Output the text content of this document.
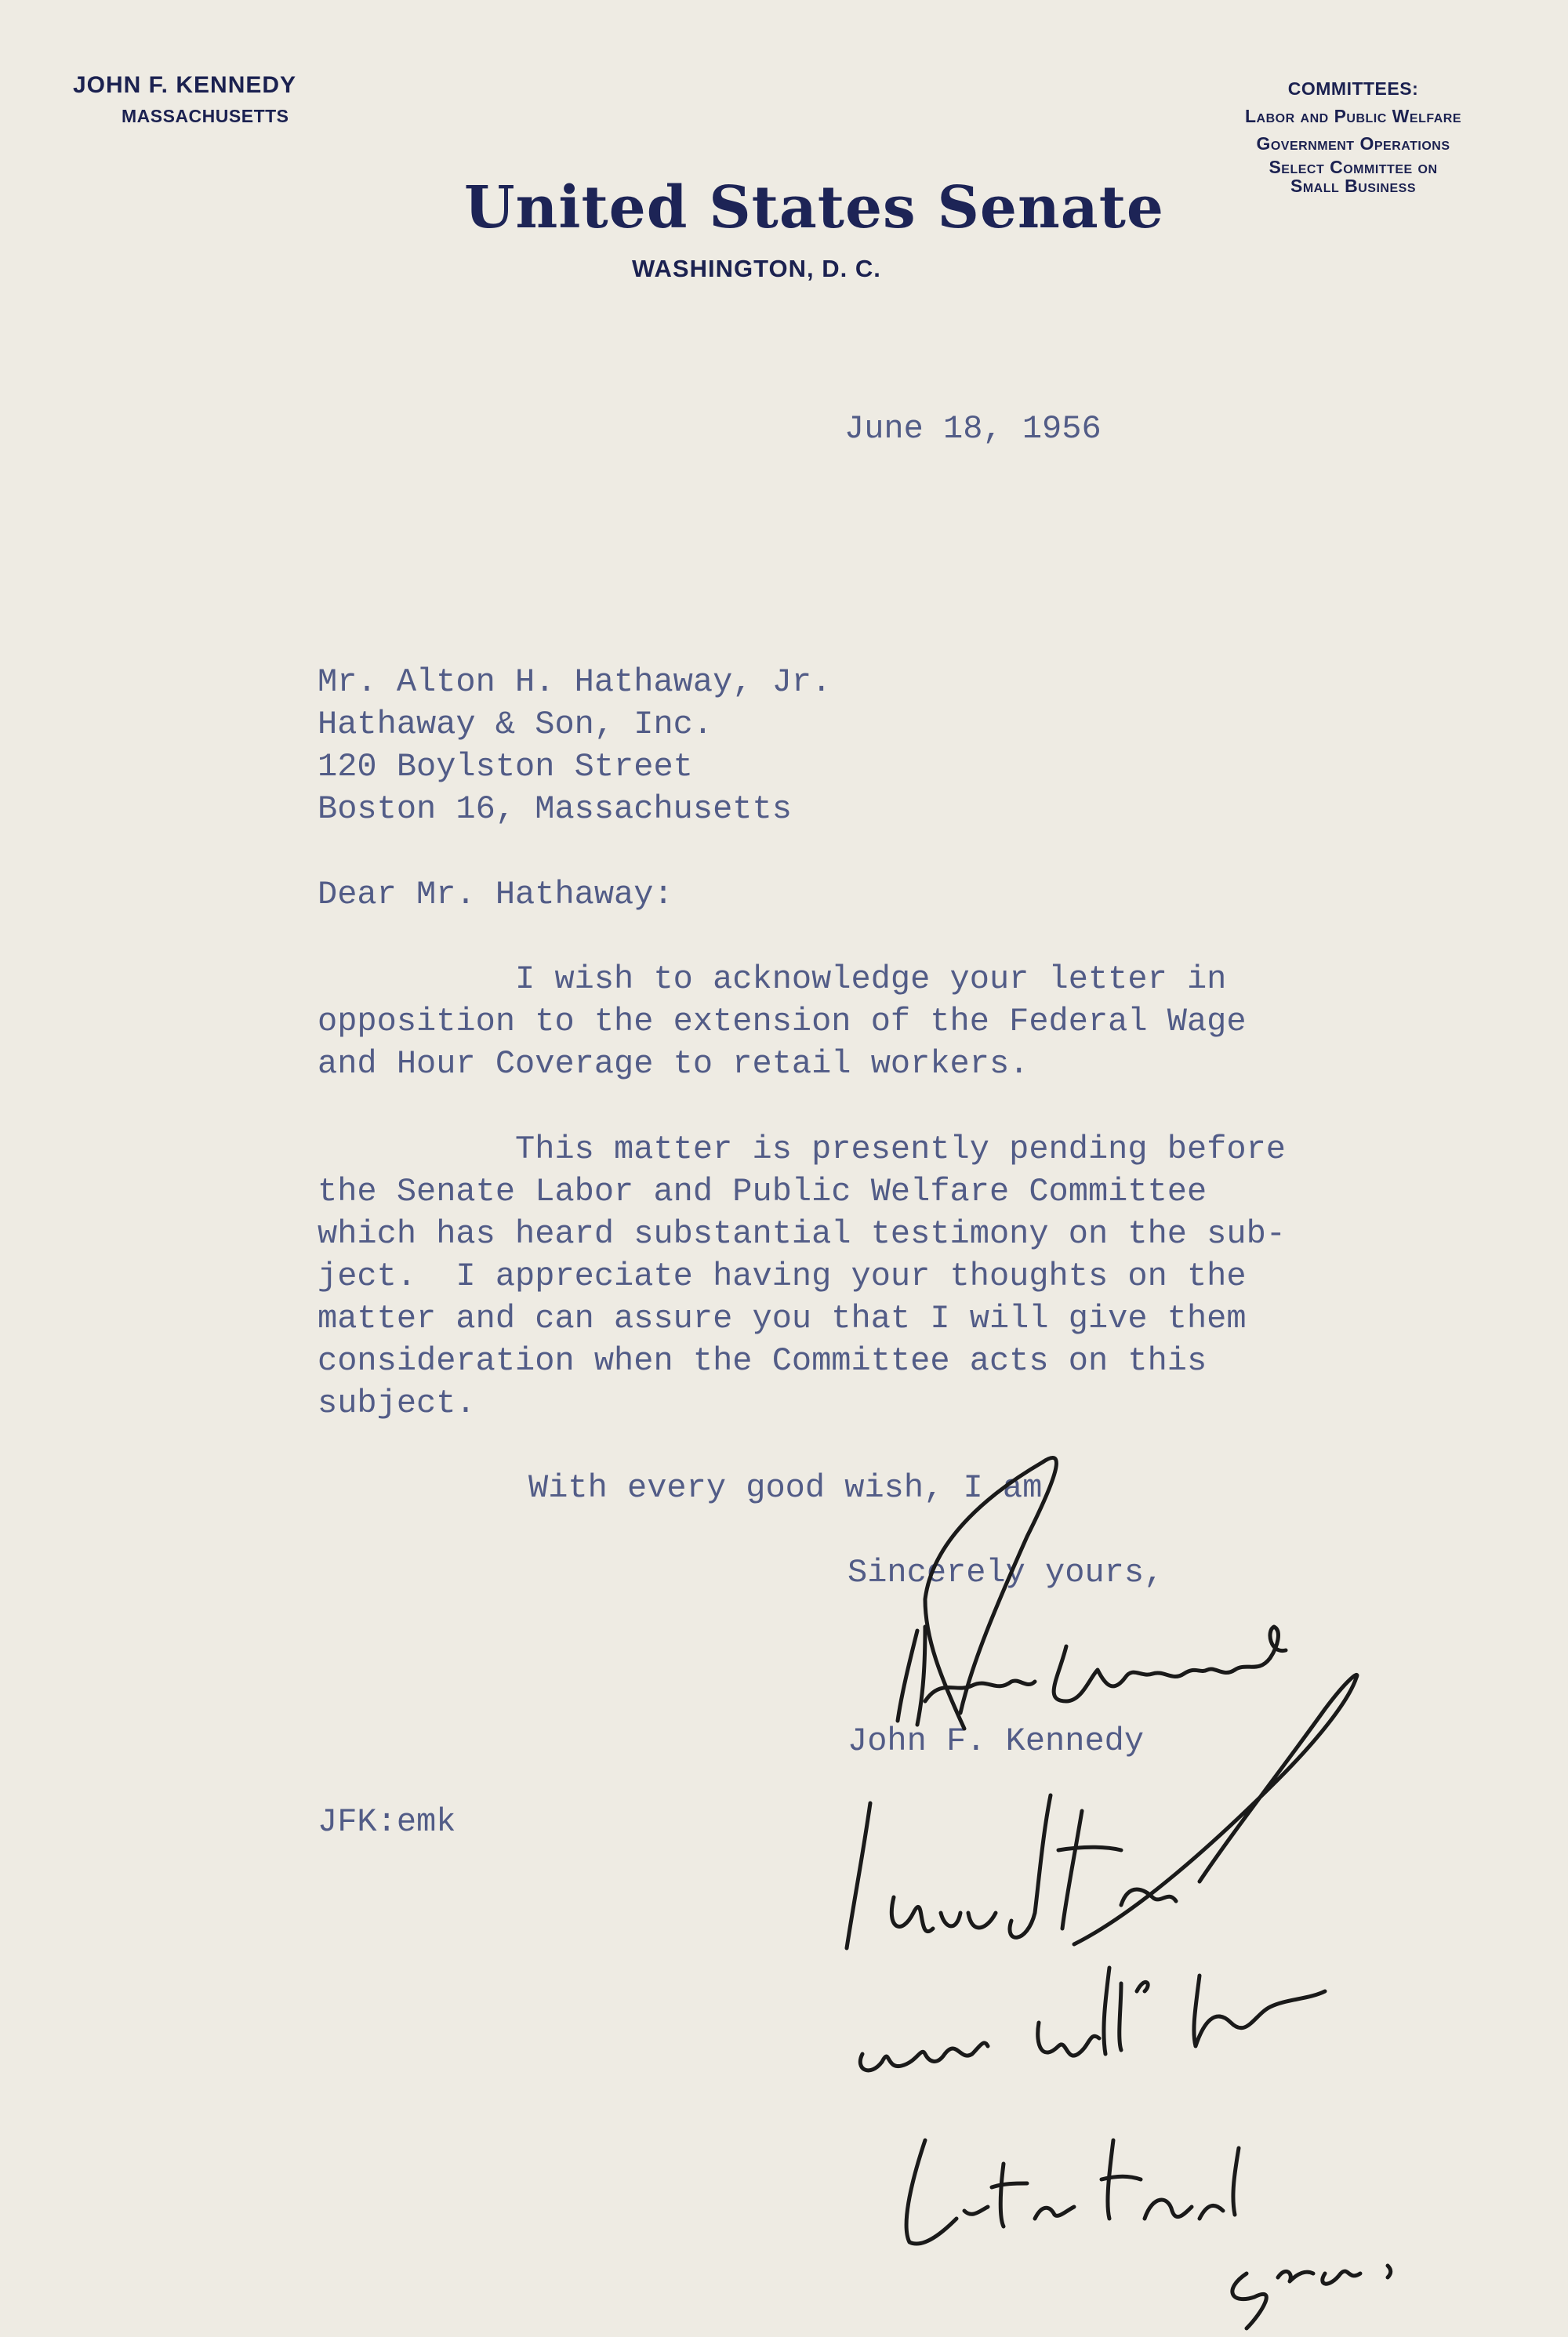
JOHN F. KENNEDY
MASSACHUSETTS
COMMITTEES:
Labor and Public Welfare
Government Operations
Select Committee on
Small Business
United States Senate
WASHINGTON, D. C.
June 18, 1956
Mr. Alton H. Hathaway, Jr.
Hathaway & Son, Inc.
120 Boylston Street
Boston 16, Massachusetts
Dear Mr. Hathaway:
I wish to acknowledge your letter in
opposition to the extension of the Federal Wage
and Hour Coverage to retail workers.
This matter is presently pending before
the Senate Labor and Public Welfare Committee
which has heard substantial testimony on the sub-
ject.  I appreciate having your thoughts on the
matter and can assure you that I will give them
consideration when the Committee acts on this
subject.
With every good wish, I am
Sincerely yours,
John F. Kennedy
JFK:emk
